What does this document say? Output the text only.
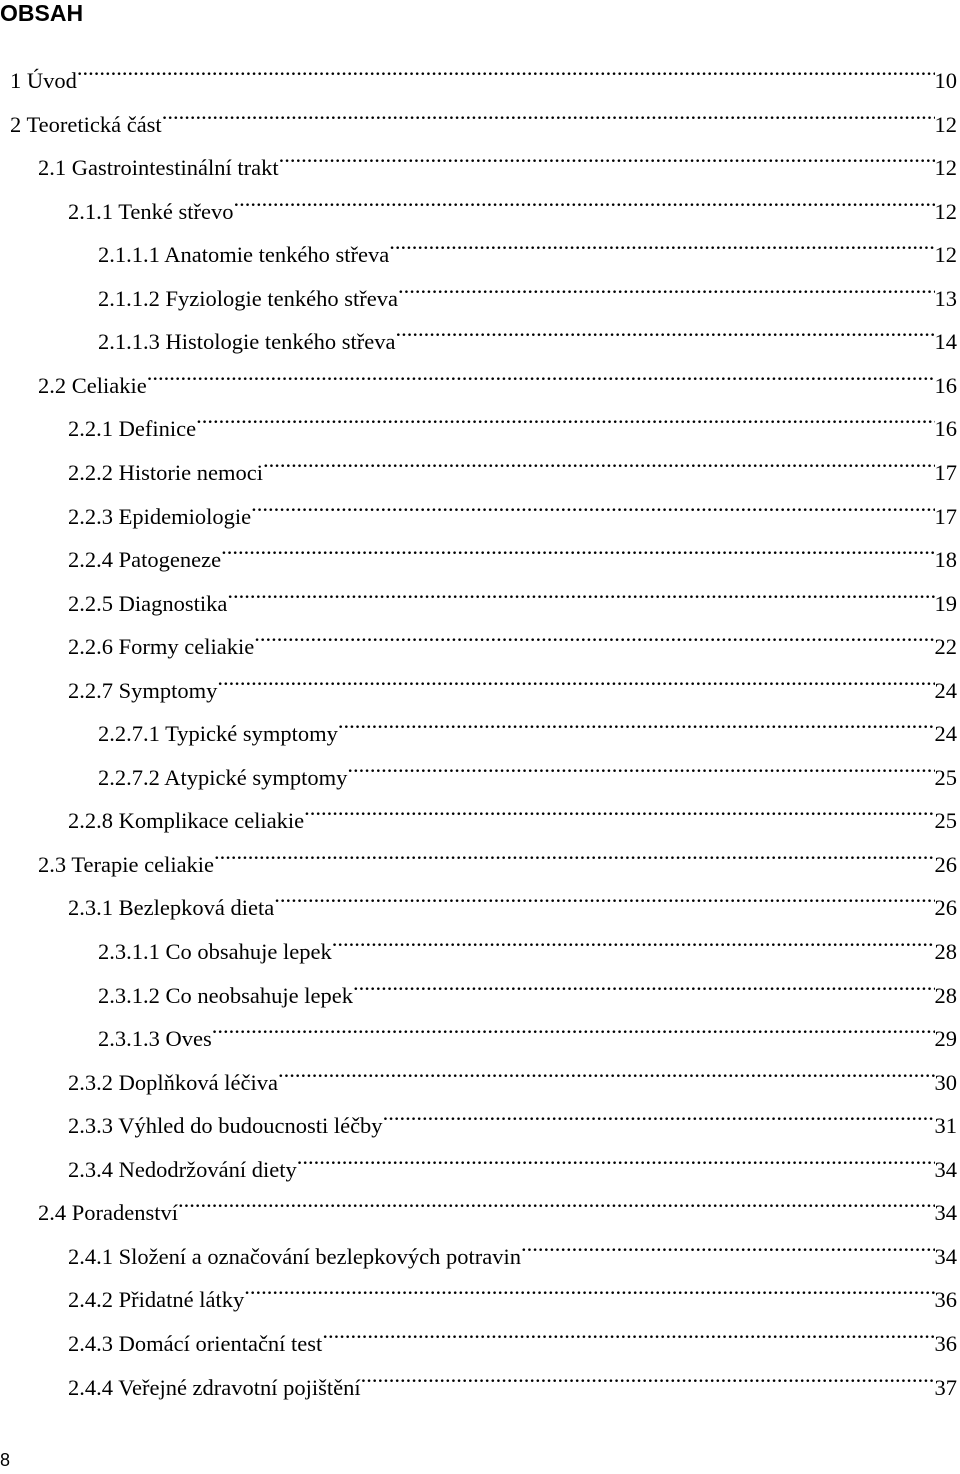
OBSAH
1 Úvod .....	10
2 Teoretická část .....	12
2.1 Gastrointestinální trakt .....	12
2.1.1 Tenké střevo .....	12
2.1.1.1 Anatomie tenkého střeva .....	12
2.1.1.2 Fyziologie tenkého střeva .....	13
2.1.1.3 Histologie tenkého střeva .....	14
2.2 Celiakie .....	16
2.2.1 Definice .....	16
2.2.2 Historie nemoci .....	17
2.2.3 Epidemiologie .....	17
2.2.4 Patogeneze .....	18
2.2.5 Diagnostika .....	19
2.2.6 Formy celiakie .....	22
2.2.7 Symptomy .....	24
2.2.7.1 Typické symptomy .....	24
2.2.7.2 Atypické symptomy .....	25
2.2.8 Komplikace celiakie .....	25
2.3 Terapie celiakie .....	26
2.3.1 Bezlepková dieta .....	26
2.3.1.1 Co obsahuje lepek .....	28
2.3.1.2 Co neobsahuje lepek .....	28
2.3.1.3 Oves .....	29
2.3.2 Doplňková léčiva .....	30
2.3.3 Výhled do budoucnosti léčby .....	31
2.3.4 Nedodržování diety .....	34
2.4 Poradenství .....	34
2.4.1 Složení a označování bezlepkových potravin .....	34
2.4.2 Přidatné látky .....	36
2.4.3 Domácí orientační test .....	36
2.4.4 Veřejné zdravotní pojištění .....	37
8
